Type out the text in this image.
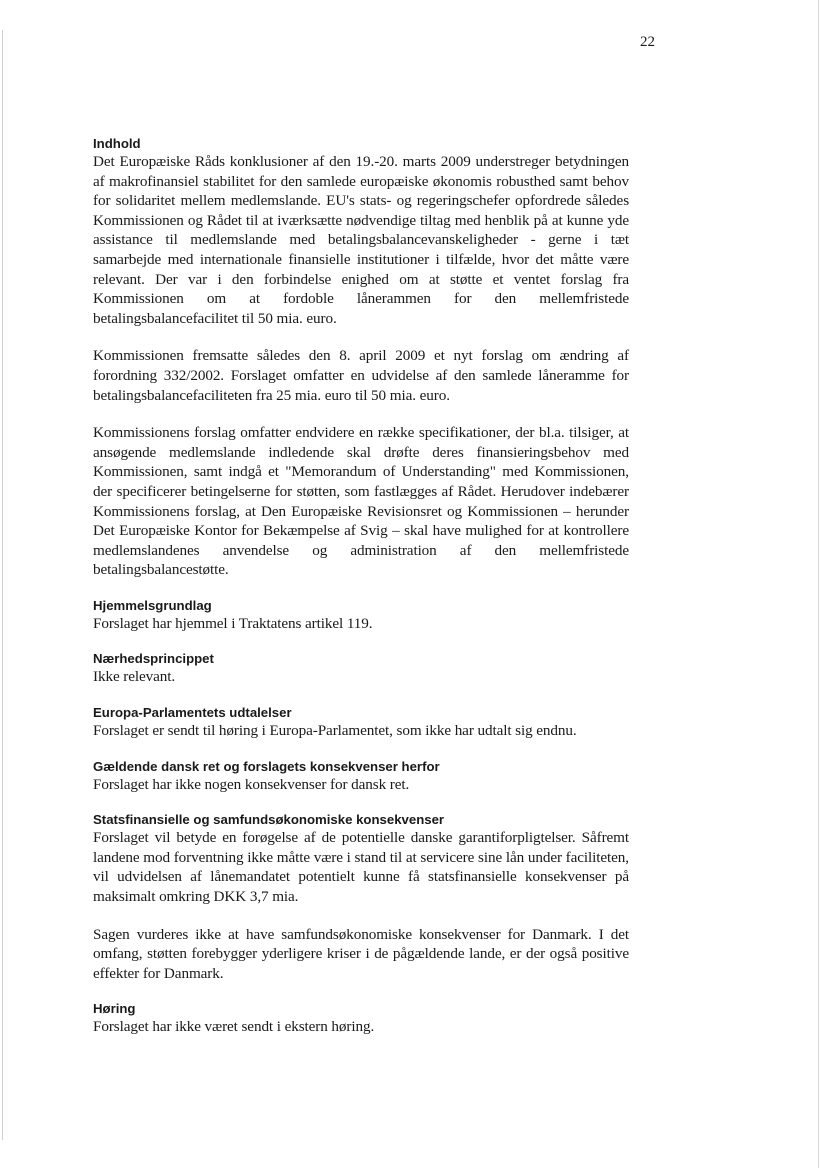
22
Indhold

Det Europæiske Råds konklusioner af den 19.-20. marts 2009 understreger betydningen af makrofinansiel stabilitet for den samlede europæiske økonomis robusthed samt behov for solidaritet mellem medlemslande. EU's stats- og regeringschefer opfordrede således Kommissionen og Rådet til at iværksætte nødvendige tiltag med henblik på at kunne yde assistance til medlemslande med betalingsbalancevanskeligheder - gerne i tæt samarbejde med internationale finansielle institutioner i tilfælde, hvor det måtte være relevant. Der var i den forbindelse enighed om at støtte et ventet forslag fra Kommissionen om at fordoble lånerammen for den mellemfristede betalingsbalancefacilitet til 50 mia. euro.

Kommissionen fremsatte således den 8. april 2009 et nyt forslag om ændring af forordning 332/2002. Forslaget omfatter en udvidelse af den samlede låneramme for betalingsbalancefaciliteten fra 25 mia. euro til 50 mia. euro.

Kommissionens forslag omfatter endvidere en række specifikationer, der bl.a. tilsiger, at ansøgende medlemslande indledende skal drøfte deres finansieringsbehov med Kommissionen, samt indgå et "Memorandum of Understanding" med Kommissionen, der specificerer betingelserne for støtten, som fastlægges af Rådet. Herudover indebærer Kommissionens forslag, at Den Europæiske Revisionsret og Kommissionen – herunder Det Europæiske Kontor for Bekæmpelse af Svig – skal have mulighed for at kontrollere medlemslandenes anvendelse og administration af den mellemfristede betalingsbalancestøtte.

Hjemmelsgrundlag

Forslaget har hjemmel i Traktatens artikel 119.

Nærhedsprincippet

Ikke relevant.

Europa-Parlamentets udtalelser

Forslaget er sendt til høring i Europa-Parlamentet, som ikke har udtalt sig endnu.

Gældende dansk ret og forslagets konsekvenser herfor

Forslaget har ikke nogen konsekvenser for dansk ret.

Statsfinansielle og samfundsøkonomiske konsekvenser

Forslaget vil betyde en forøgelse af de potentielle danske garantiforpligtelser. Såfremt landene mod forventning ikke måtte være i stand til at servicere sine lån under faciliteten, vil udvidelsen af lånemandatet potentielt kunne få statsfinansielle konsekvenser på maksimalt omkring DKK 3,7 mia.

Sagen vurderes ikke at have samfundsøkonomiske konsekvenser for Danmark. I det omfang, støtten forebygger yderligere kriser i de pågældende lande, er der også positive effekter for Danmark.

Høring

Forslaget har ikke været sendt i ekstern høring.
